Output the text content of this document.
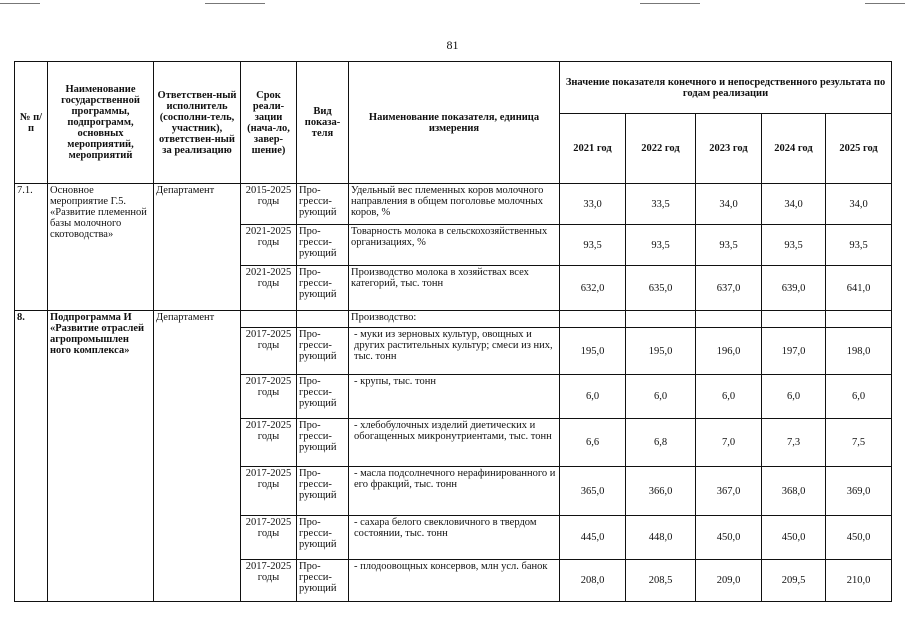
81
№ п/п	Наименование государственной программы, подпрограмм, основных мероприятий, мероприятий	Ответствен-ный исполнитель (сосполни-тель, участник), ответствен-ный за реализацию	Срок реали-зации (нача-ло, завер-шение)	Вид показа-теля	Наименование показателя, единица измерения	Значение показателя конечного и непосредственного результата по годам реализации				
						2021 год	2022 год	2023 год	2024 год	2025 год
7.1.	Основное мероприятие Г.5. «Развитие племенной базы молочного скотоводства»	Департамент	2015-2025 годы	Про-гресси-рующий	Удельный вес племенных коров молочного направления в общем поголовье молочных коров, %	33,0	33,5	34,0	34,0	34,0
			2021-2025 годы	Про-гресси-рующий	Товарность молока в сельскохозяйственных организациях, %	93,5	93,5	93,5	93,5	93,5
			2021-2025 годы	Про-гресси-рующий	Производство молока в хозяйствах всех категорий, тыс. тонн	632,0	635,0	637,0	639,0	641,0
8.	Подпрограмма И «Развитие отраслей агропромышлен ного комплекса»	Департамент			Производство:					
			2017-2025 годы	Про-гресси-рующий	- муки из зерновых культур, овощных и других растительных культур; смеси из них, тыс. тонн	195,0	195,0	196,0	197,0	198,0
			2017-2025 годы	Про-гресси-рующий	- крупы, тыс. тонн	6,0	6,0	6,0	6,0	6,0
			2017-2025 годы	Про-гресси-рующий	- хлебобулочных изделий диетических и обогащенных микронутриентами, тыс. тонн	6,6	6,8	7,0	7,3	7,5
			2017-2025 годы	Про-гресси-рующий	- масла подсолнечного нерафинированного и его фракций, тыс. тонн	365,0	366,0	367,0	368,0	369,0
			2017-2025 годы	Про-гресси-рующий	- сахара белого свекловичного в твердом состоянии, тыс. тонн	445,0	448,0	450,0	450,0	450,0
			2017-2025 годы	Про-гресси-рующий	- плодоовощных консервов, млн усл. банок	208,0	208,5	209,0	209,5	210,0
